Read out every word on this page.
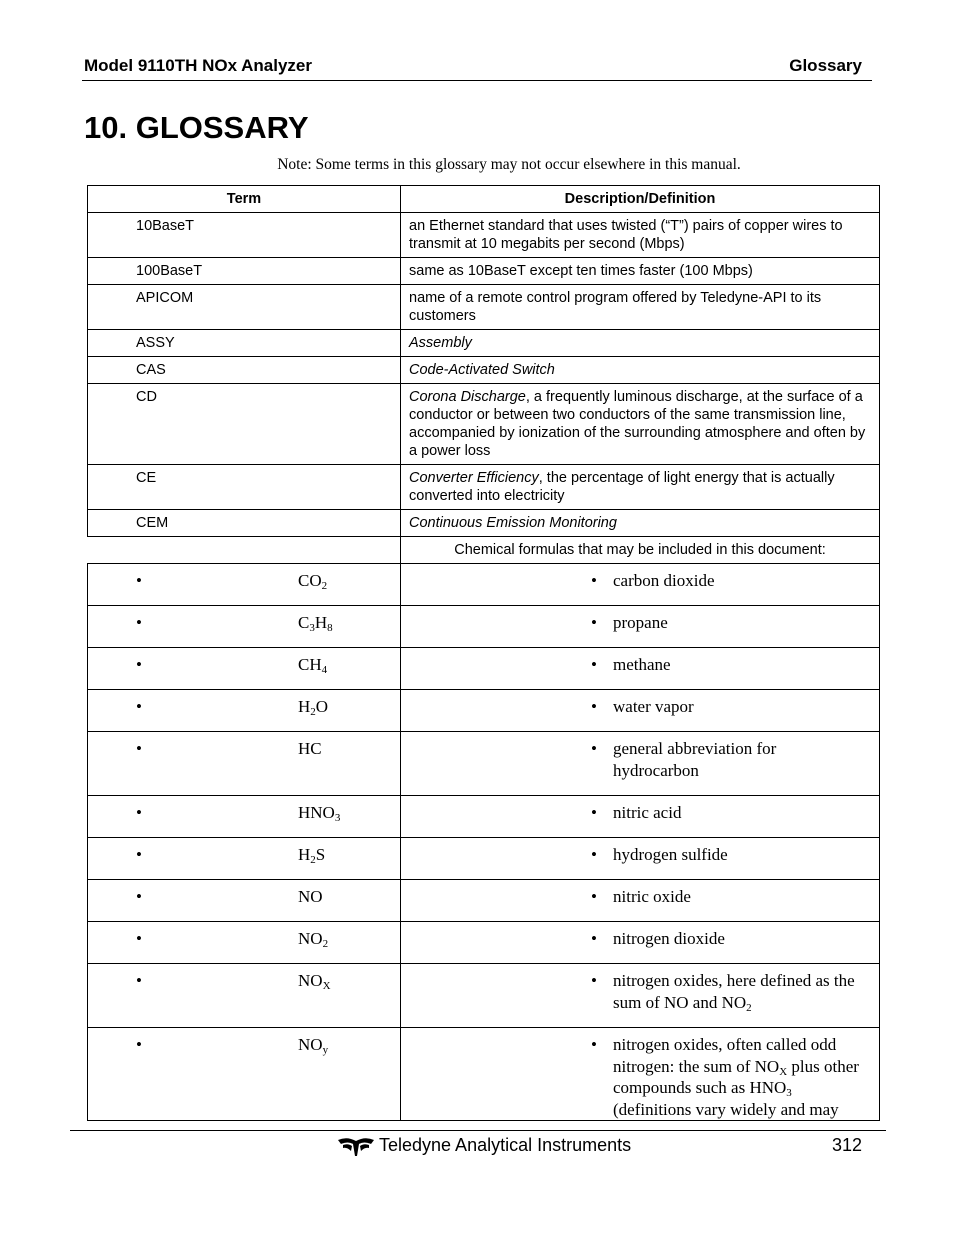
Model 9110TH NOx Analyzer	Glossary
10. GLOSSARY
Note: Some terms in this glossary may not occur elsewhere in this manual.
Term	Description/Definition
10BaseT	an Ethernet standard that uses twisted (“T”) pairs of copper wires to transmit at 10 megabits per second (Mbps)
100BaseT	same as 10BaseT except ten times faster (100 Mbps)
APICOM	name of a remote control program offered by Teledyne-API to its customers
ASSY	Assembly
CAS	Code-Activated Switch
CD	Corona Discharge, a frequently luminous discharge, at the surface of a conductor or between two conductors of the same transmission line, accompanied by ionization of the surrounding atmosphere and often by a power loss
CE	Converter Efficiency, the percentage of light energy that is actually converted into electricity
CEM	Continuous Emission Monitoring
	Chemical formulas that may be included in this document:

• $CO_2$	• carbon dioxide

• $C_3H_8$	• propane

• $CH_4$	• methane

• $H_2O$	• water vapor

• HC	• general abbreviation for hydrocarbon

• $HNO_3$	• nitric acid

• $H_2S$	• hydrogen sulfide

• NO	• nitric oxide

• $NO_2$	• nitrogen dioxide

• $NO_X$	• nitrogen oxides, here defined as the sum of NO and $NO_2$

• $NO_y$	• nitrogen oxides, often called odd nitrogen: the sum of $NO_X$ plus other compounds such as $HNO_3$ (definitions vary widely and may
Teledyne Analytical Instruments	312
